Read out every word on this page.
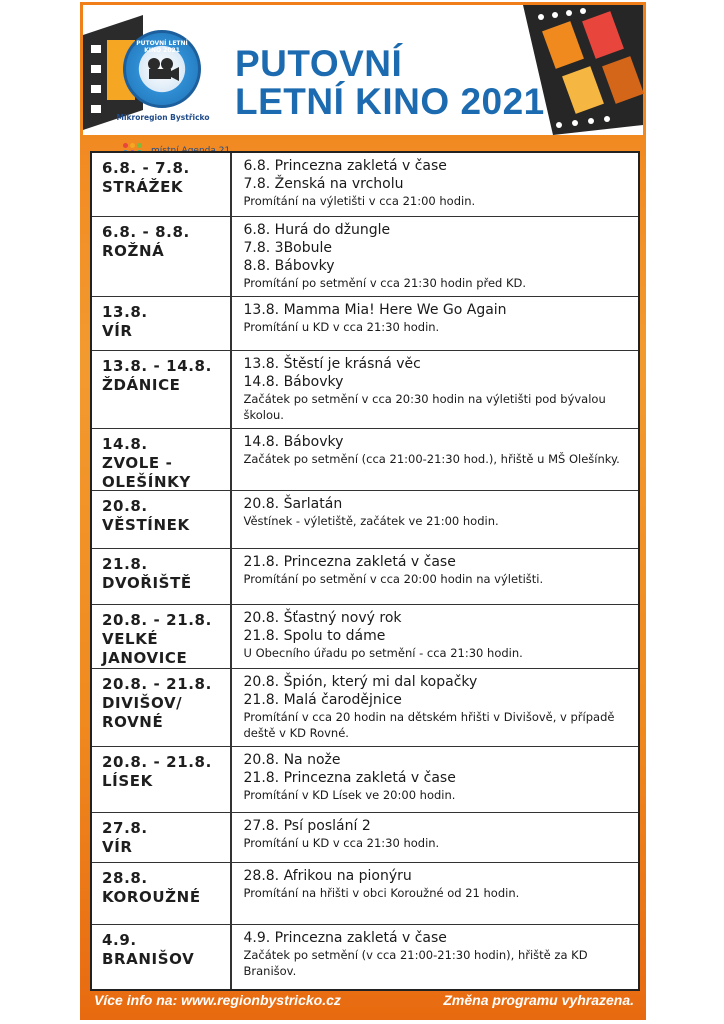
PUTOVNÍ LETNÍ KINO 2021
Mikroregion Bystřicko
PUTOVNÍ
LETNÍ KINO 2021
6.8. - 7.8.
STRÁŽEK
6.8. Princezna zakletá v čase
7.8. Ženská na vrcholu
Promítání na výletišti v cca 21:00 hodin.
6.8. - 8.8.
ROŽNÁ
6.8. Hurá do džungle
7.8. 3Bobule
8.8. Bábovky
Promítání po setmění v cca 21:30 hodin před KD.
13.8.
VÍR
13.8. Mamma Mia! Here We Go Again
Promítání u KD v cca 21:30 hodin.
13.8. - 14.8.
ŽDÁNICE
13.8. Štěstí je krásná věc
14.8. Bábovky
Začátek po setmění v cca 20:30 hodin na výletišti pod bývalou školou.
14.8.
ZVOLE -
OLEŠÍNKY
14.8. Bábovky
Začátek po setmění (cca 21:00-21:30 hod.), hřiště u MŠ Olešínky.
20.8.
VĚSTÍNEK
20.8. Šarlatán
Věstínek - výletiště, začátek ve 21:00 hodin.
21.8.
DVOŘIŠTĚ
21.8. Princezna zakletá v čase
Promítání po setmění v cca 20:00 hodin na výletišti.
20.8. - 21.8.
VELKÉ
JANOVICE
20.8. Šťastný nový rok
21.8. Spolu to dáme
U Obecního úřadu po setmění - cca 21:30 hodin.
20.8. - 21.8.
DIVIŠOV/
ROVNÉ
20.8. Špión, který mi dal kopačky
21.8. Malá čarodějnice
Promítání v cca 20 hodin na dětském hřišti v Divišově, v případě deště v KD Rovné.
20.8. - 21.8.
LÍSEK
20.8. Na nože
21.8. Princezna zakletá v čase
Promítání v KD Lísek ve 20:00 hodin.
27.8.
VÍR
27.8. Psí poslání 2
Promítání u KD v cca 21:30 hodin.
28.8.
KOROUŽNÉ
28.8. Afrikou na pionýru
Promítání na hřišti v obci Koroužné od 21 hodin.
4.9.
BRANIŠOV
4.9. Princezna zakletá v čase
Začátek po setmění (v cca 21:00-21:30 hodin), hřiště za KD Branišov.
Více info na: www.regionbystricko.cz	Změna programu vyhrazena.
